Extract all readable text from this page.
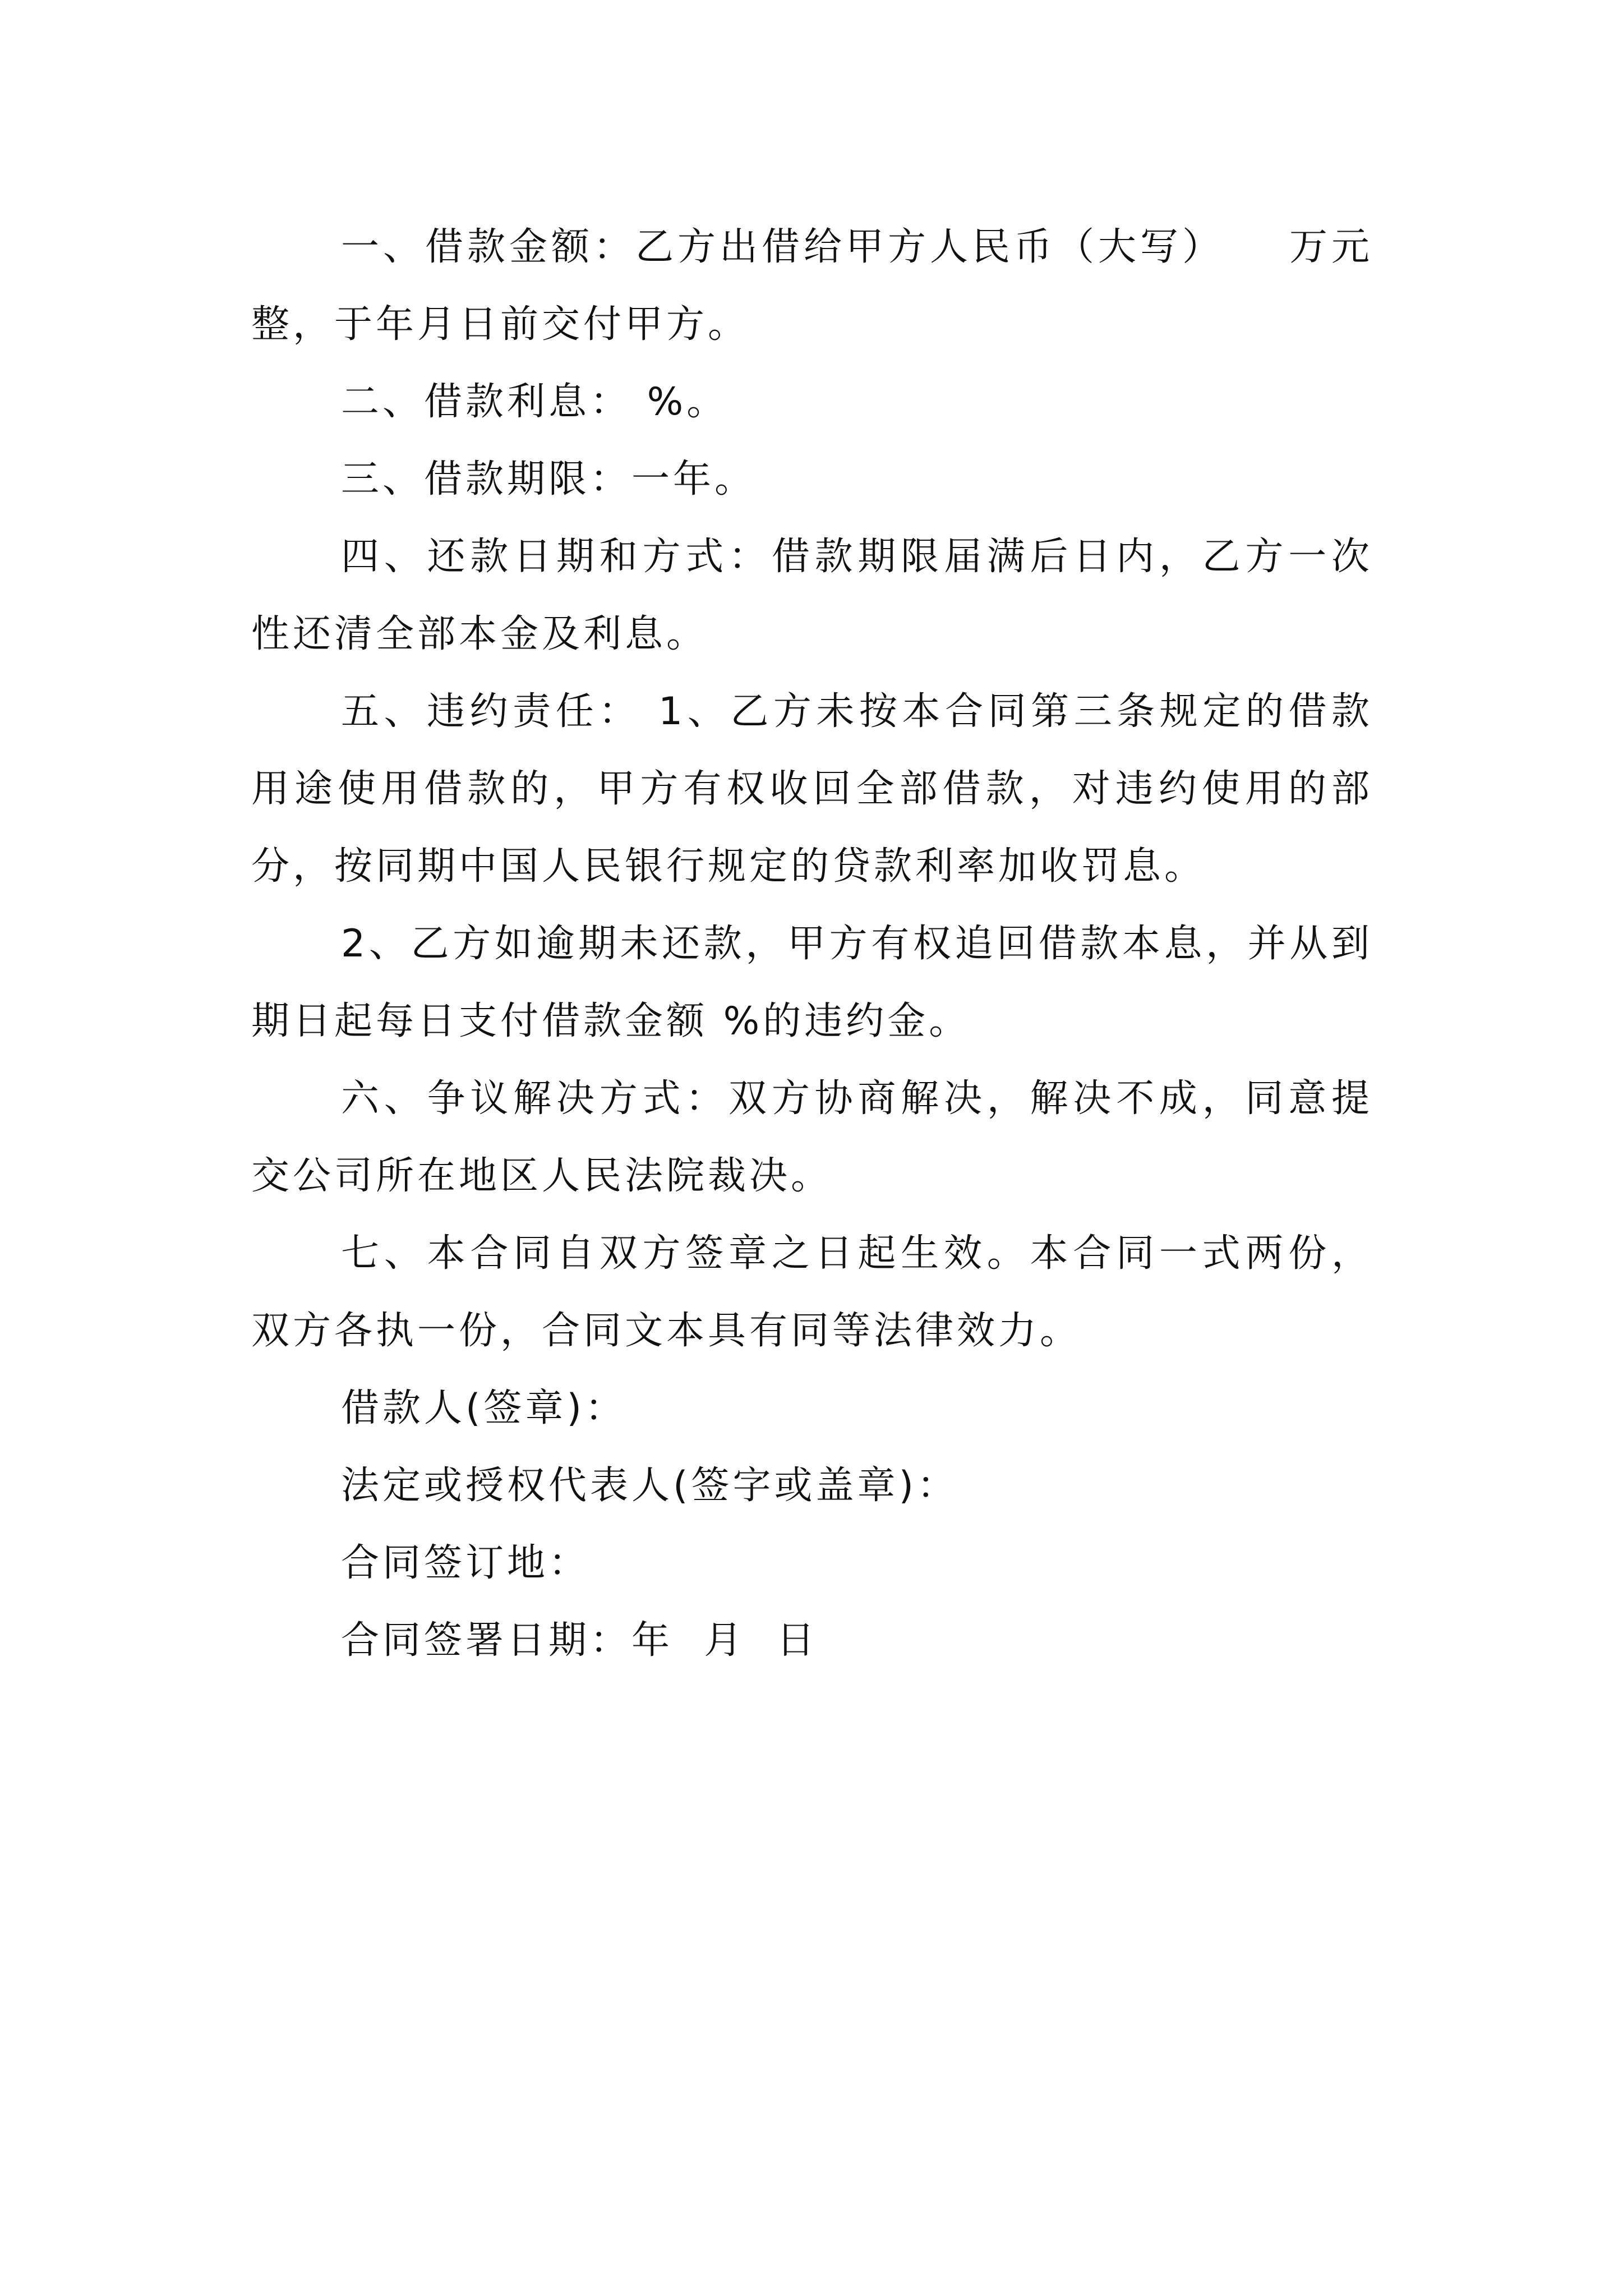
一、借款金额：乙方出借给甲方人民币（大写）　　万元整，于年月日前交付甲方。

二、借款利息： %。

三、借款期限：一年。

四、还款日期和方式：借款期限届满后日内，乙方一次性还清全部本金及利息。

五、违约责任： 1、乙方未按本合同第三条规定的借款用途使用借款的，甲方有权收回全部借款，对违约使用的部分，按同期中国人民银行规定的贷款利率加收罚息。

2、乙方如逾期未还款，甲方有权追回借款本息，并从到期日起每日支付借款金额 %的违约金。

六、争议解决方式：双方协商解决，解决不成，同意提交公司所在地区人民法院裁决。

七、本合同自双方签章之日起生效。本合同一式两份，双方各执一份，合同文本具有同等法律效力。

借款人(签章)：

法定或授权代表人(签字或盖章)：

合同签订地：

合同签署日期：年  月  日
